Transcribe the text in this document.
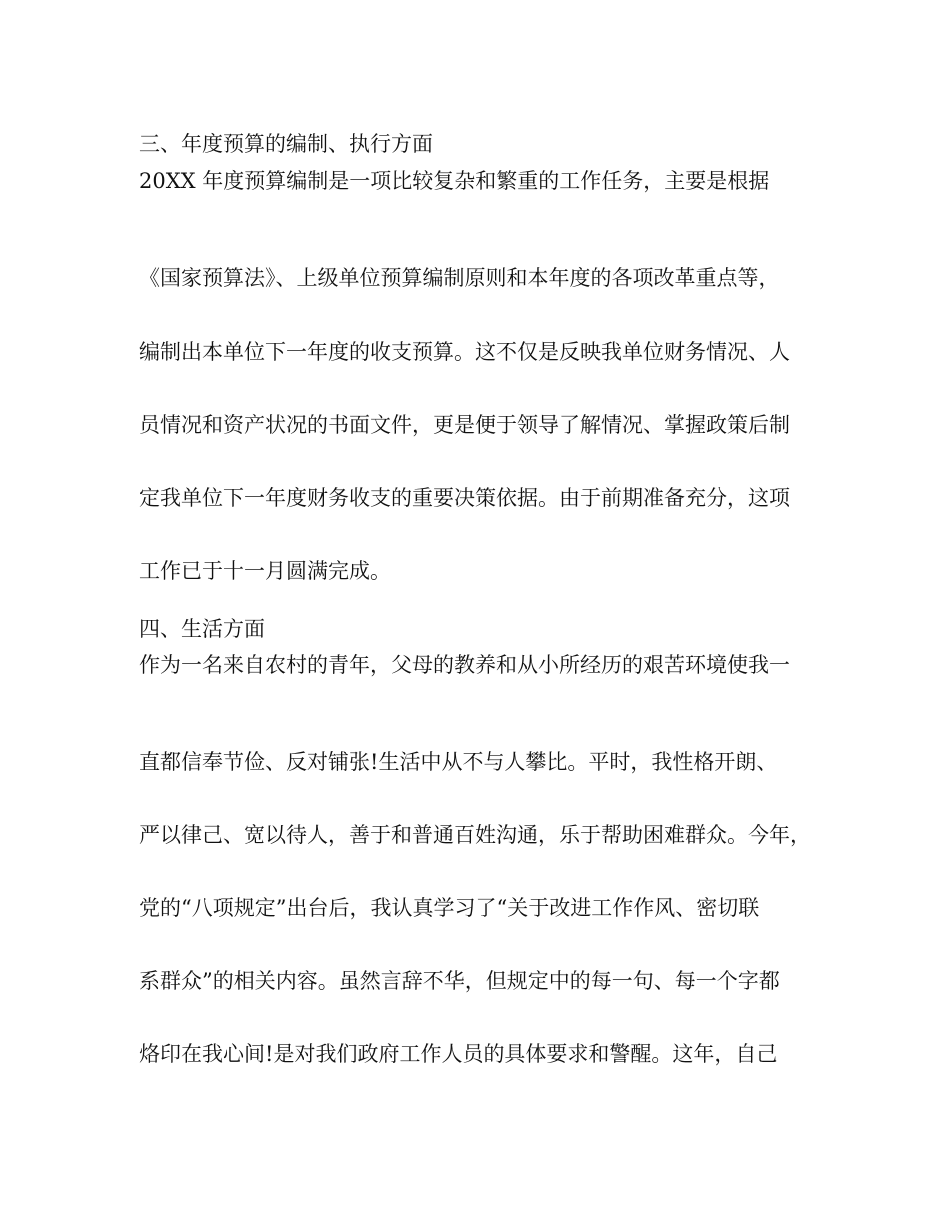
三、年度预算的编制、执行方面
20XX 年度预算编制是一项比较复杂和繁重的工作任务，主要是根据
《国家预算法》、上级单位预算编制原则和本年度的各项改革重点等，
编制出本单位下一年度的收支预算。这不仅是反映我单位财务情况、人
员情况和资产状况的书面文件，更是便于领导了解情况、掌握政策后制
定我单位下一年度财务收支的重要决策依据。由于前期准备充分，这项
工作已于十一月圆满完成。
四、生活方面
作为一名来自农村的青年，父母的教养和从小所经历的艰苦环境使我一
直都信奉节俭、反对铺张!生活中从不与人攀比。平时，我性格开朗、
严以律己、宽以待人，善于和普通百姓沟通，乐于帮助困难群众。今年，
党的“八项规定”出台后，我认真学习了“关于改进工作作风、密切联
系群众”的相关内容。虽然言辞不华，但规定中的每一句、每一个字都
烙印在我心间!是对我们政府工作人员的具体要求和警醒。这年，自己
